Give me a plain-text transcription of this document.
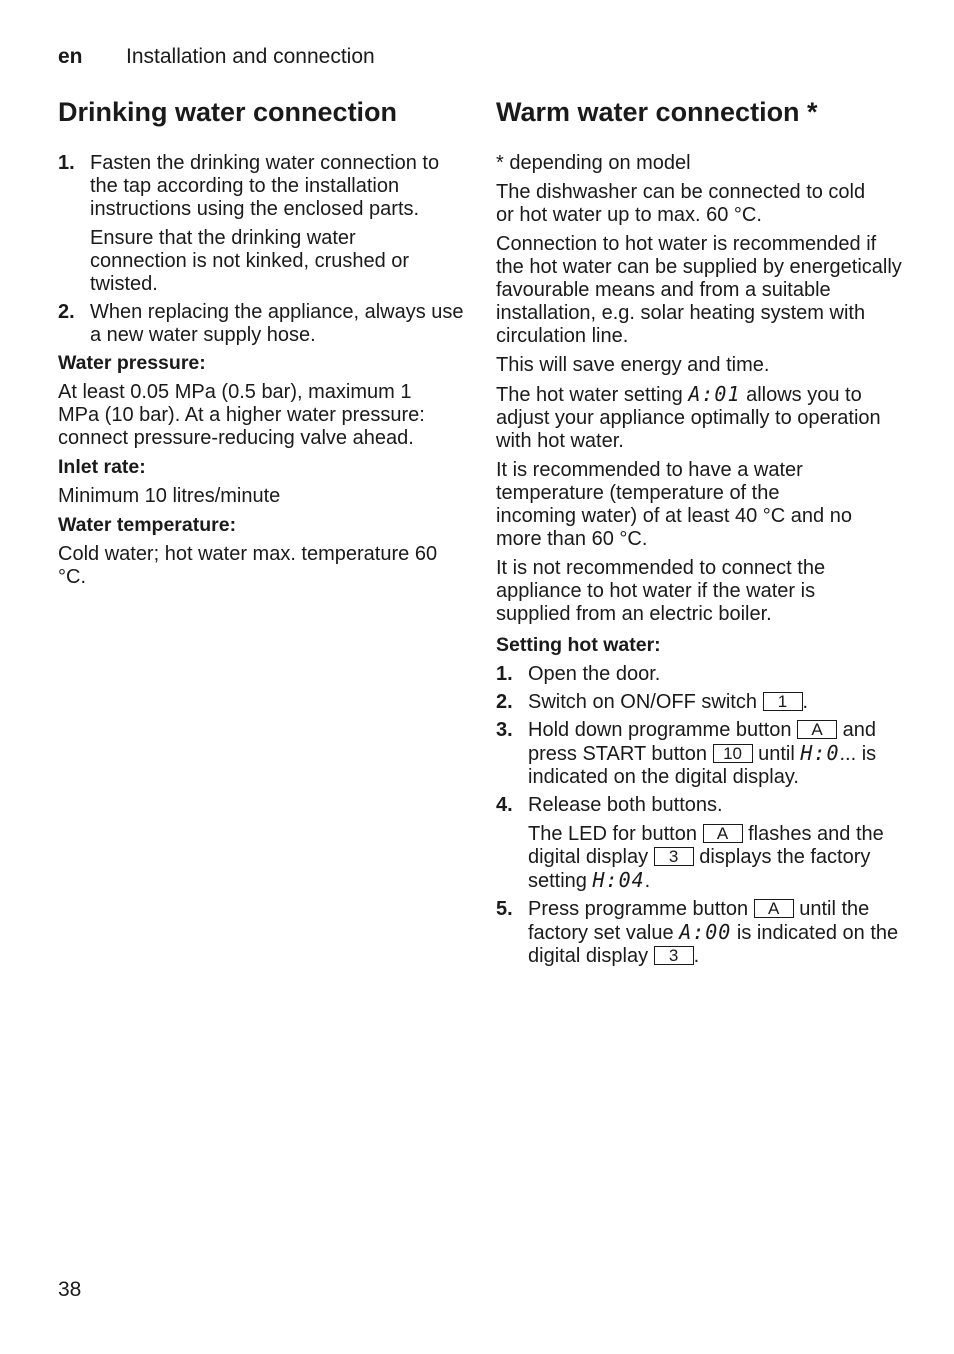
en Installation and connection
Drinking water connection
1. Fasten the drinking water connection to the tap according to the installation instructions using the enclosed parts.

Ensure that the drinking water connection is not kinked, crushed or twisted.

2. When replacing the appliance, always use a new water supply hose.

Water pressure:

At least 0.05 MPa (0.5 bar), maximum 1 MPa (10 bar). At a higher water pressure: connect pressure-reducing valve ahead.

Inlet rate:

Minimum 10 litres/minute

Water temperature:

Cold water; hot water max. temperature 60 °C.

Warm water connection *

* depending on model

The dishwasher can be connected to cold or hot water up to max. 60 °C.

Connection to hot water is recommended if the hot water can be supplied by energetically favourable means and from a suitable installation, e.g. solar heating system with circulation line.

This will save energy and time.

The hot water setting A:01 allows you to adjust your appliance optimally to operation with hot water.

It is recommended to have a water temperature (temperature of the incoming water) of at least 40 °C and no more than 60 °C.

It is not recommended to connect the appliance to hot water if the water is supplied from an electric boiler.

Setting hot water:
1. Open the door.

2. Switch on ON/OFF switch 1 .

3. Hold down programme button A and press START button 10 until H:0... is indicated on the digital display.

4. Release both buttons.

The LED for button A flashes and the digital display 3 displays the factory setting H:04.

5. Press programme button A until the factory set value A:00 is indicated on the digital display 3 .

38
